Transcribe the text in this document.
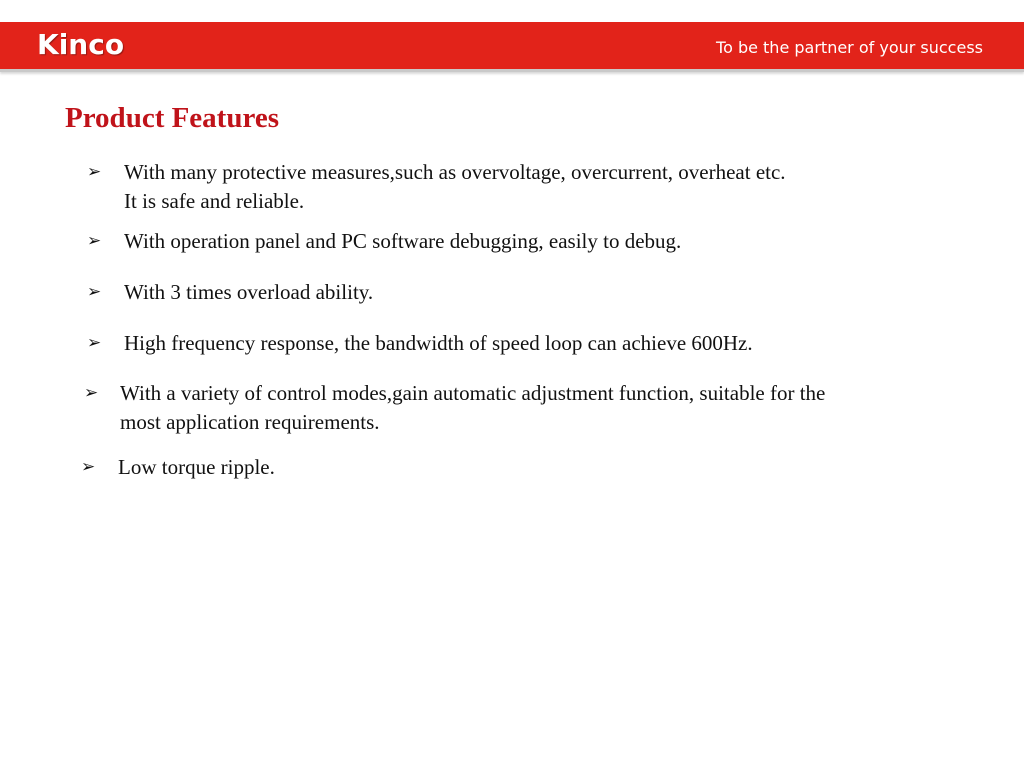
Kinco	To be the partner of your success
Product Features
➢	With many protective measures,such as overvoltage, overcurrent, overheat etc.
It is safe and reliable.
➢	With operation panel and PC software debugging, easily to debug.
➢	With 3 times overload ability.
➢	High frequency response, the bandwidth of speed loop can achieve 600Hz.
➢	With a variety of control modes,gain automatic adjustment function, suitable for the
most application requirements.
➢	Low torque ripple.
